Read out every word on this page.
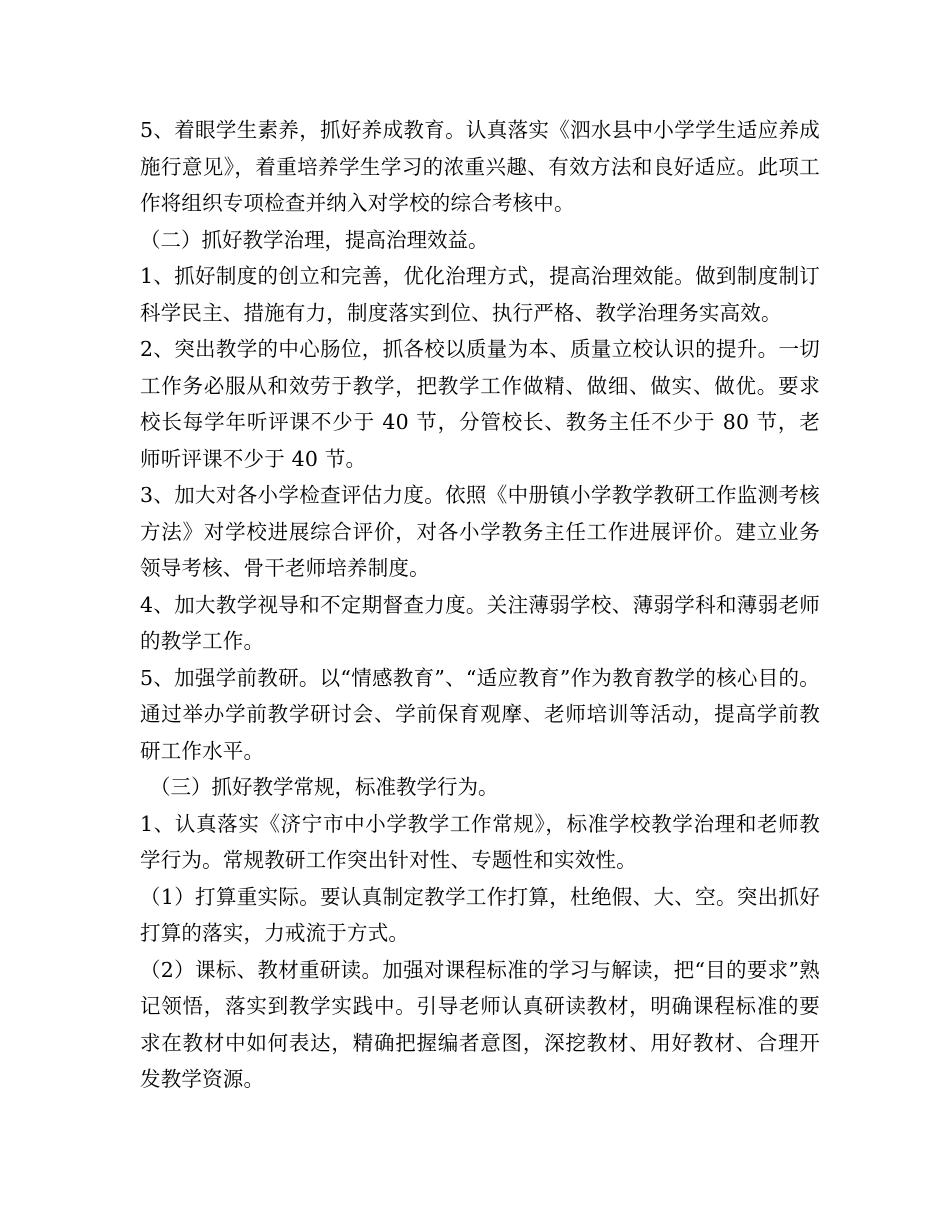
5、着眼学生素养，抓好养成教育。认真落实《泗水县中小学学生适应养成施行意见》，着重培养学生学习的浓重兴趣、有效方法和良好适应。此项工作将组织专项检查并纳入对学校的综合考核中。

（二）抓好教学治理，提高治理效益。

1、抓好制度的创立和完善，优化治理方式，提高治理效能。做到制度制订科学民主、措施有力，制度落实到位、执行严格、教学治理务实高效。

2、突出教学的中心肠位，抓各校以质量为本、质量立校认识的提升。一切工作务必服从和效劳于教学，把教学工作做精、做细、做实、做优。要求校长每学年听评课不少于 40 节，分管校长、教务主任不少于 80 节，老师听评课不少于 40 节。

3、加大对各小学检查评估力度。依照《中册镇小学教学教研工作监测考核方法》对学校进展综合评价，对各小学教务主任工作进展评价。建立业务领导考核、骨干老师培养制度。

4、加大教学视导和不定期督查力度。关注薄弱学校、薄弱学科和薄弱老师的教学工作。

5、加强学前教研。以“情感教育”、“适应教育”作为教育教学的核心目的。通过举办学前教学研讨会、学前保育观摩、老师培训等活动，提高学前教研工作水平。

（三）抓好教学常规，标准教学行为。

1、认真落实《济宁市中小学教学工作常规》，标准学校教学治理和老师教学行为。常规教研工作突出针对性、专题性和实效性。

（1）打算重实际。要认真制定教学工作打算，杜绝假、大、空。突出抓好打算的落实，力戒流于方式。

（2）课标、教材重研读。加强对课程标准的学习与解读，把“目的要求”熟记领悟，落实到教学实践中。引导老师认真研读教材，明确课程标准的要求在教材中如何表达，精确把握编者意图，深挖教材、用好教材、合理开发教学资源。
